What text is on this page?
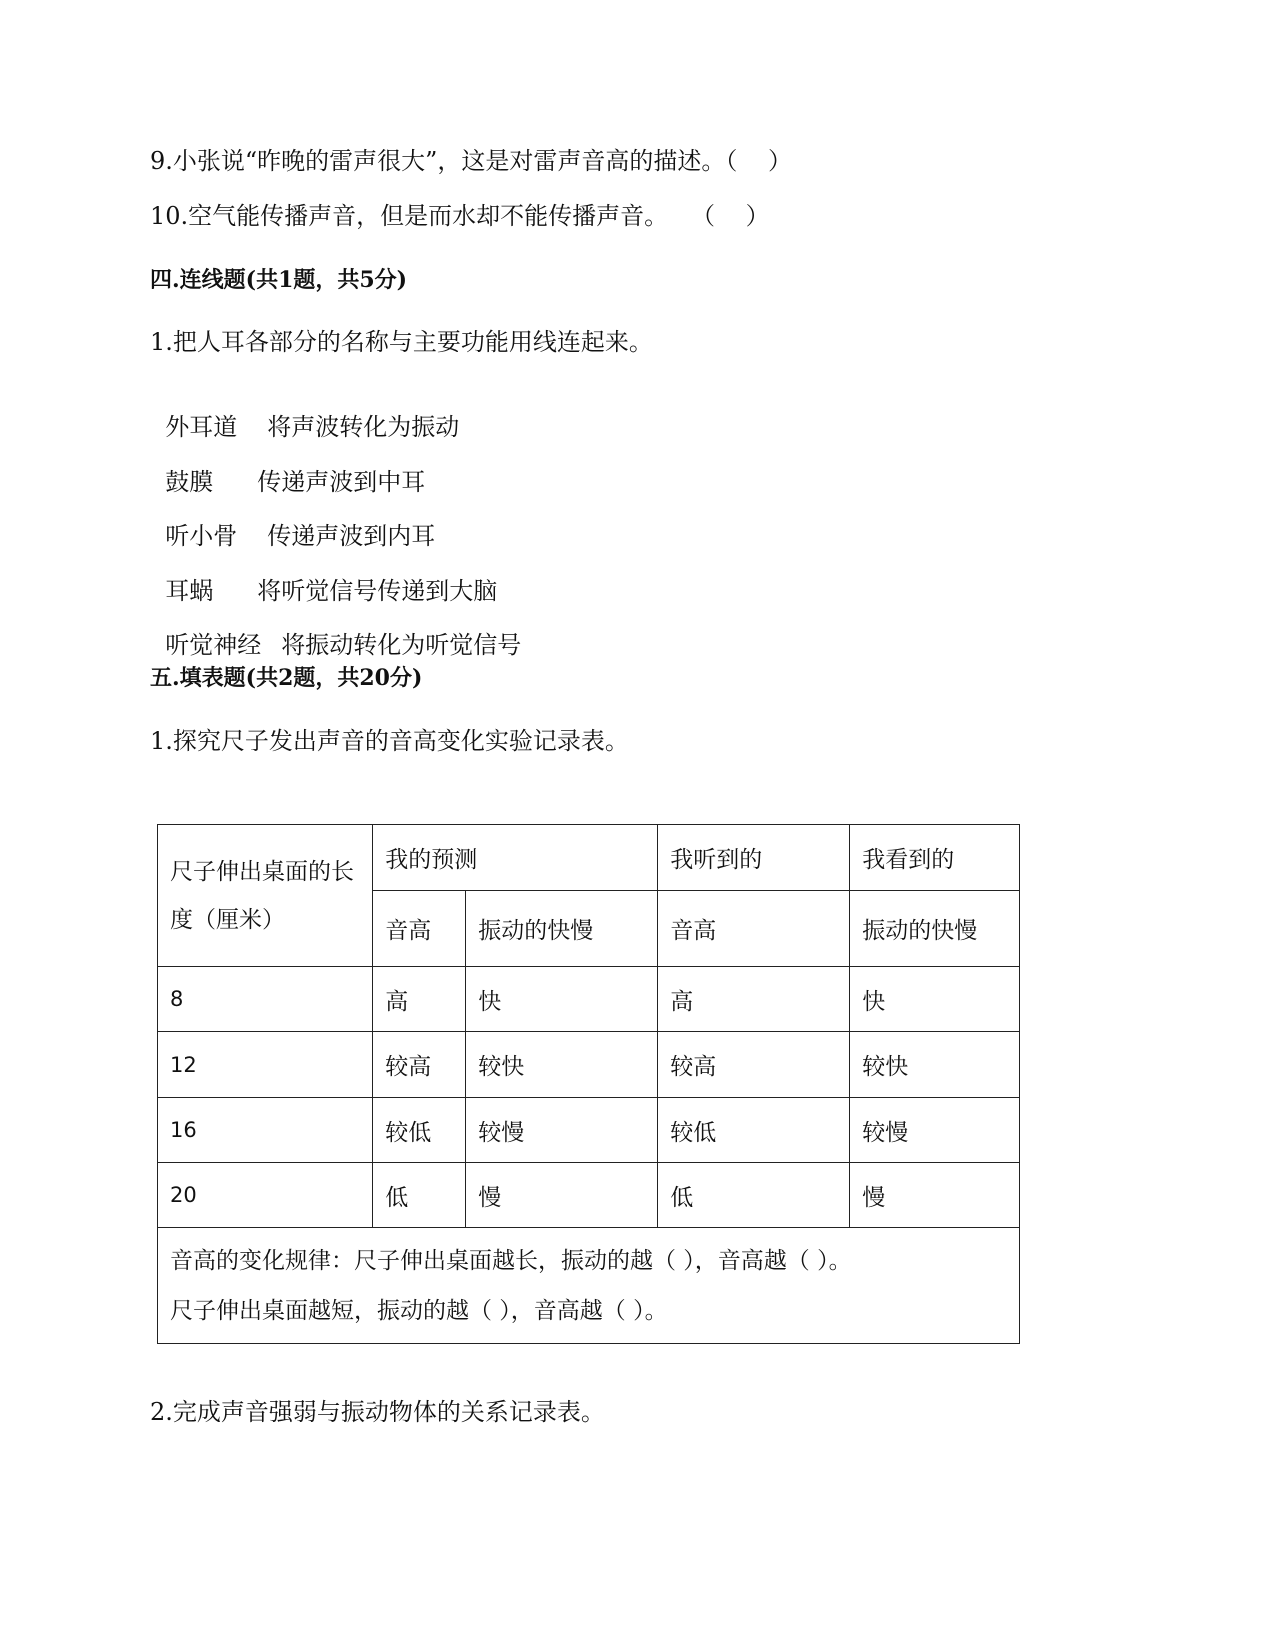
9.小张说“昨晚的雷声很大”，这是对雷声音高的描述。（    ）
10.空气能传播声音，但是而水却不能传播声音。   （    ）
四.连线题(共1题，共5分)
1.把人耳各部分的名称与主要功能用线连起来。

外耳道 将声波转化为振动

鼓膜 传递声波到中耳

听小骨 传递声波到内耳

耳蜗 将听觉信号传递到大脑

听觉神经 将振动转化为听觉信号

五.填表题(共2题，共20分)
1.探究尺子发出声音的音高变化实验记录表。
尺子伸出桌面的长度（厘米）	我的预测		我听到的	我看到的
	音高	振动的快慢	音高	振动的快慢
8	高	快	高	快
12	较高	较快	较高	较快
16	较低	较慢	较低	较慢
20	低	慢	低	慢

音高的变化规律：尺子伸出桌面越长，振动的越（ ），音高越（ ）。
尺子伸出桌面越短，振动的越（ ），音高越（ ）。				
2.完成声音强弱与振动物体的关系记录表。
